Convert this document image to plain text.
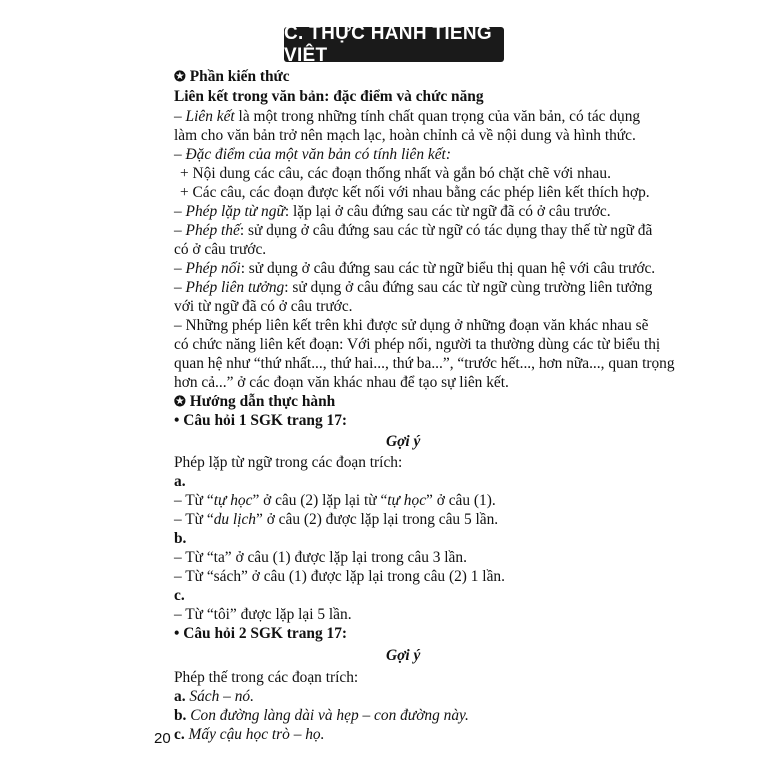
C. THỰC HÀNH TIẾNG VIỆT
✪ Phần kiến thức
Liên kết trong văn bản: đặc điểm và chức năng
– Liên kết là một trong những tính chất quan trọng của văn bản, có tác dụng
làm cho văn bản trở nên mạch lạc, hoàn chỉnh cả về nội dung và hình thức.
– Đặc điểm của một văn bản có tính liên kết:
+ Nội dung các câu, các đoạn thống nhất và gắn bó chặt chẽ với nhau.
+ Các câu, các đoạn được kết nối với nhau bằng các phép liên kết thích hợp.
– Phép lặp từ ngữ: lặp lại ở câu đứng sau các từ ngữ đã có ở câu trước.
– Phép thế: sử dụng ở câu đứng sau các từ ngữ có tác dụng thay thế từ ngữ đã
có ở câu trước.
– Phép nối: sử dụng ở câu đứng sau các từ ngữ biểu thị quan hệ với câu trước.
– Phép liên tưởng: sử dụng ở câu đứng sau các từ ngữ cùng trường liên tưởng
với từ ngữ đã có ở câu trước.
– Những phép liên kết trên khi được sử dụng ở những đoạn văn khác nhau sẽ
có chức năng liên kết đoạn: Với phép nối, người ta thường dùng các từ biểu thị
quan hệ như “thứ nhất..., thứ hai..., thứ ba...”, “trước hết..., hơn nữa..., quan trọng
hơn cả...” ở các đoạn văn khác nhau để tạo sự liên kết.
✪ Hướng dẫn thực hành
• Câu hỏi 1 SGK trang 17:
Gợi ý
Phép lặp từ ngữ trong các đoạn trích:
a.
– Từ “tự học” ở câu (2) lặp lại từ “tự học” ở câu (1).
– Từ “du lịch” ở câu (2) được lặp lại trong câu 5 lần.
b.
– Từ “ta” ở câu (1) được lặp lại trong câu 3 lần.
– Từ “sách” ở câu (1) được lặp lại trong câu (2) 1 lần.
c.
– Từ “tôi” được lặp lại 5 lần.
• Câu hỏi 2 SGK trang 17:
Gợi ý
Phép thế trong các đoạn trích:
a. Sách – nó.
b. Con đường làng dài và hẹp – con đường này.
c. Mấy cậu học trò – họ.
20
